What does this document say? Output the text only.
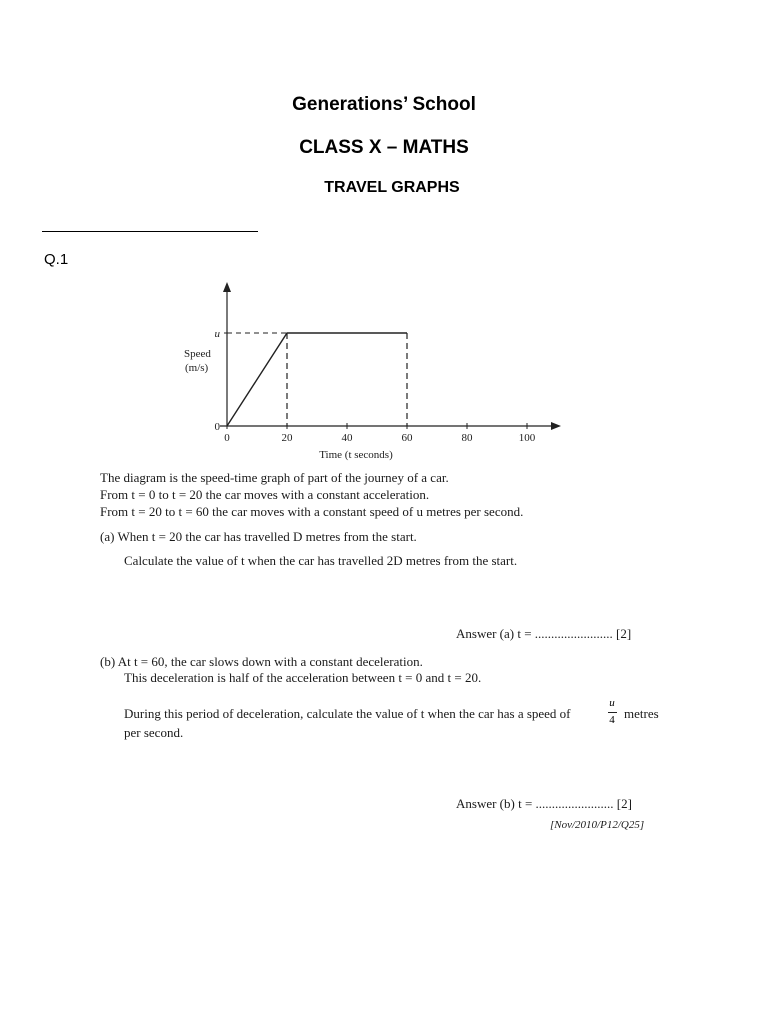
Generations’ School
CLASS X – MATHS
TRAVEL GRAPHS
Q.1
0	20	40	60	80	100
0
u
Speed
(m/s)
Time (t seconds)
The diagram is the speed-time graph of part of the journey of a car.
From t = 0 to t = 20 the car moves with a constant acceleration.
From t = 20 to t = 60 the car moves with a constant speed of u metres per second.
(a) When t = 20 the car has travelled D metres from the start.
Calculate the value of t when the car has travelled 2D metres from the start.
Answer (a) t = ........................ [2]
(b) At t = 60, the car slows down with a constant deceleration.
This deceleration is half of the acceleration between t = 0 and t = 20.
During this period of deceleration, calculate the value of t when the car has a speed of
u
4 metres
per second.
Answer (b) t = ........................ [2]
[Nov/2010/P12/Q25]
